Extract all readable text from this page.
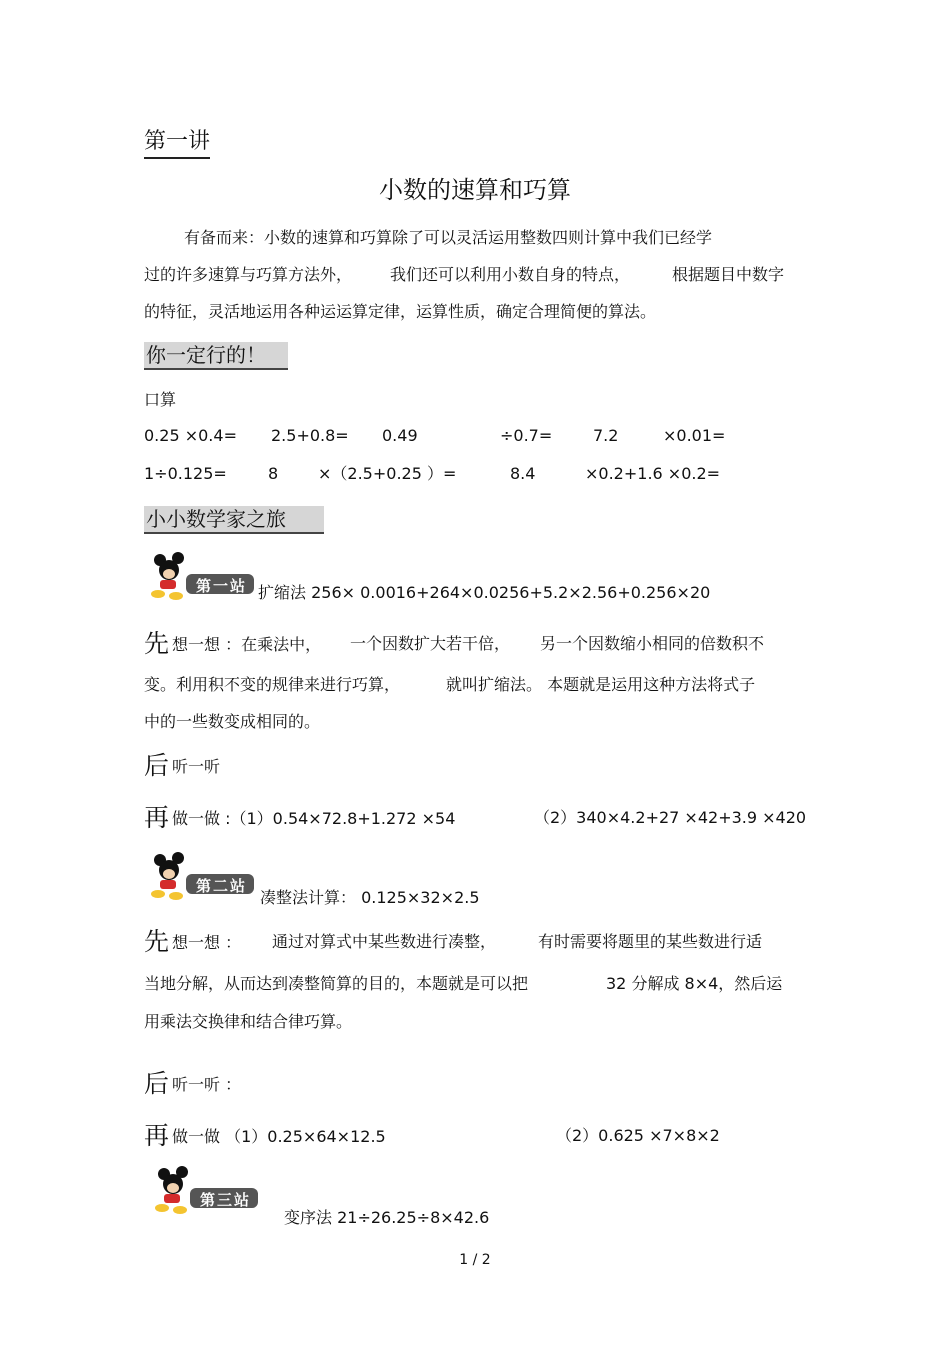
第一讲
小数的速算和巧算
有备而来：小数的速算和巧算除了可以灵活运用整数四则计算中我们已经学
过的许多速算与巧算方法外， 我们还可以利用小数自身的特点，	根据题目中数字
的特征，灵活地运用各种运运算定律，运算性质，确定合理简便的算法。
你一定行的！
口算
0.25 ×0.4= 2.5+0.8= 0.49	÷0.7=	7.2	×0.01=
1÷0.125=	8 ×（2.5+0.25 ）=	8.4	×0.2+1.6 ×0.2=
小小数学家之旅
第一站 扩缩法 256× 0.0016+264×0.0256+5.2×2.56+0.256×20
先想一想 ：在乘法中， 一个因数扩大若干倍， 另一个因数缩小相同的倍数积不
变。利用积不变的规律来进行巧算，	就叫扩缩法。 本题就是运用这种方法将式子
中的一些数变成相同的。
后听一听
再做一做 :（1）0.54×72.8+1.272 ×54	（2）340×4.2+27 ×42+3.9 ×420
第二站
凑整法计算： 0.125×32×2.5
先想一想 ： 通过对算式中某些数进行凑整，	有时需要将题里的某些数进行适
当地分解，从而达到凑整简算的目的，本题就是可以把	32 分解成 8×4，然后运
用乘法交换律和结合律巧算。
后听一听 ：
再做一做 （1）0.25×64×12.5	（2）0.625 ×7×8×2
第三站
变序法 21÷26.25÷8×42.6
1 / 2
